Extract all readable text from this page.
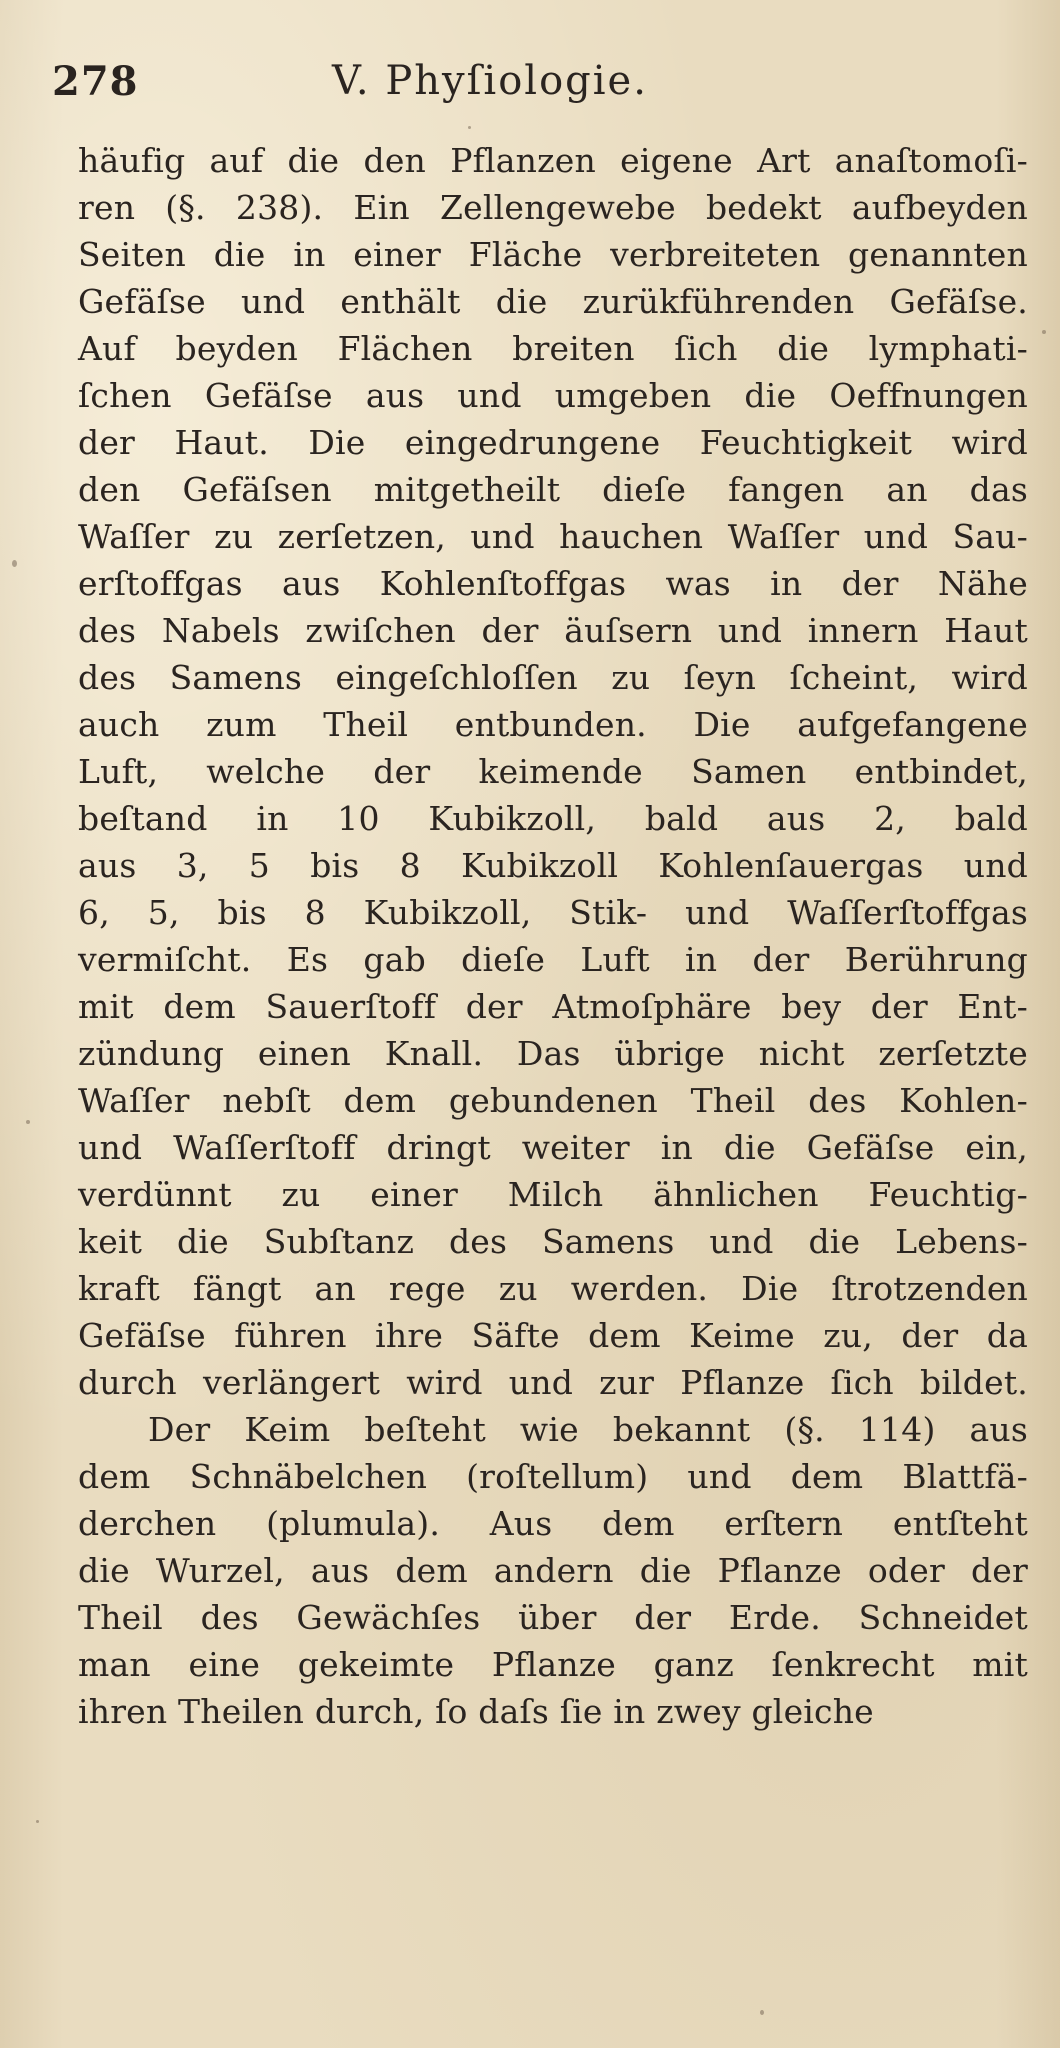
278	V. Phyſiologie.
häufig auf die den Pflanzen eigene Art anaſtomoſi-
ren (§. 238). Ein Zellengewebe bedekt aufbeyden
Seiten die in einer Fläche verbreiteten genannten
Gefäſse und enthält die zurükführenden Gefäſse.
Auf beyden Flächen breiten ſich die lymphati-
ſchen Gefäſse aus und umgeben die Oeffnungen
der Haut. Die eingedrungene Feuchtigkeit wird
den Gefäſsen mitgetheilt dieſe fangen an das
Waſſer zu zerſetzen, und hauchen Waſſer und Sau-
erſtoffgas aus Kohlenſtoffgas was in der Nähe
des Nabels zwiſchen der äuſsern und innern Haut
des Samens eingeſchloſſen zu ſeyn ſcheint, wird
auch zum Theil entbunden. Die aufgefangene
Luft, welche der keimende Samen entbindet,
beſtand in 10 Kubikzoll, bald aus 2, bald
aus 3, 5 bis 8 Kubikzoll Kohlenſauergas und
6, 5, bis 8 Kubikzoll, Stik- und Waſſerſtoffgas
vermiſcht. Es gab dieſe Luft in der Berührung
mit dem Sauerſtoff der Atmoſphäre bey der Ent-
zündung einen Knall. Das übrige nicht zerſetzte
Waſſer nebſt dem gebundenen Theil des Kohlen-
und Waſſerſtoff dringt weiter in die Gefäſse ein,
verdünnt zu einer Milch ähnlichen Feuchtig-
keit die Subſtanz des Samens und die Lebens-
kraft fängt an rege zu werden. Die ſtrotzenden
Gefäſse führen ihre Säfte dem Keime zu, der da
durch verlängert wird und zur Pflanze ſich bildet.
Der Keim beſteht wie bekannt (§. 114) aus
dem Schnäbelchen (roſtellum) und dem Blattfä-
derchen (plumula). Aus dem erſtern entſteht
die Wurzel, aus dem andern die Pflanze oder der
Theil des Gewächſes über der Erde. Schneidet
man eine gekeimte Pflanze ganz ſenkrecht mit
ihren Theilen durch, ſo daſs ſie in zwey gleiche
